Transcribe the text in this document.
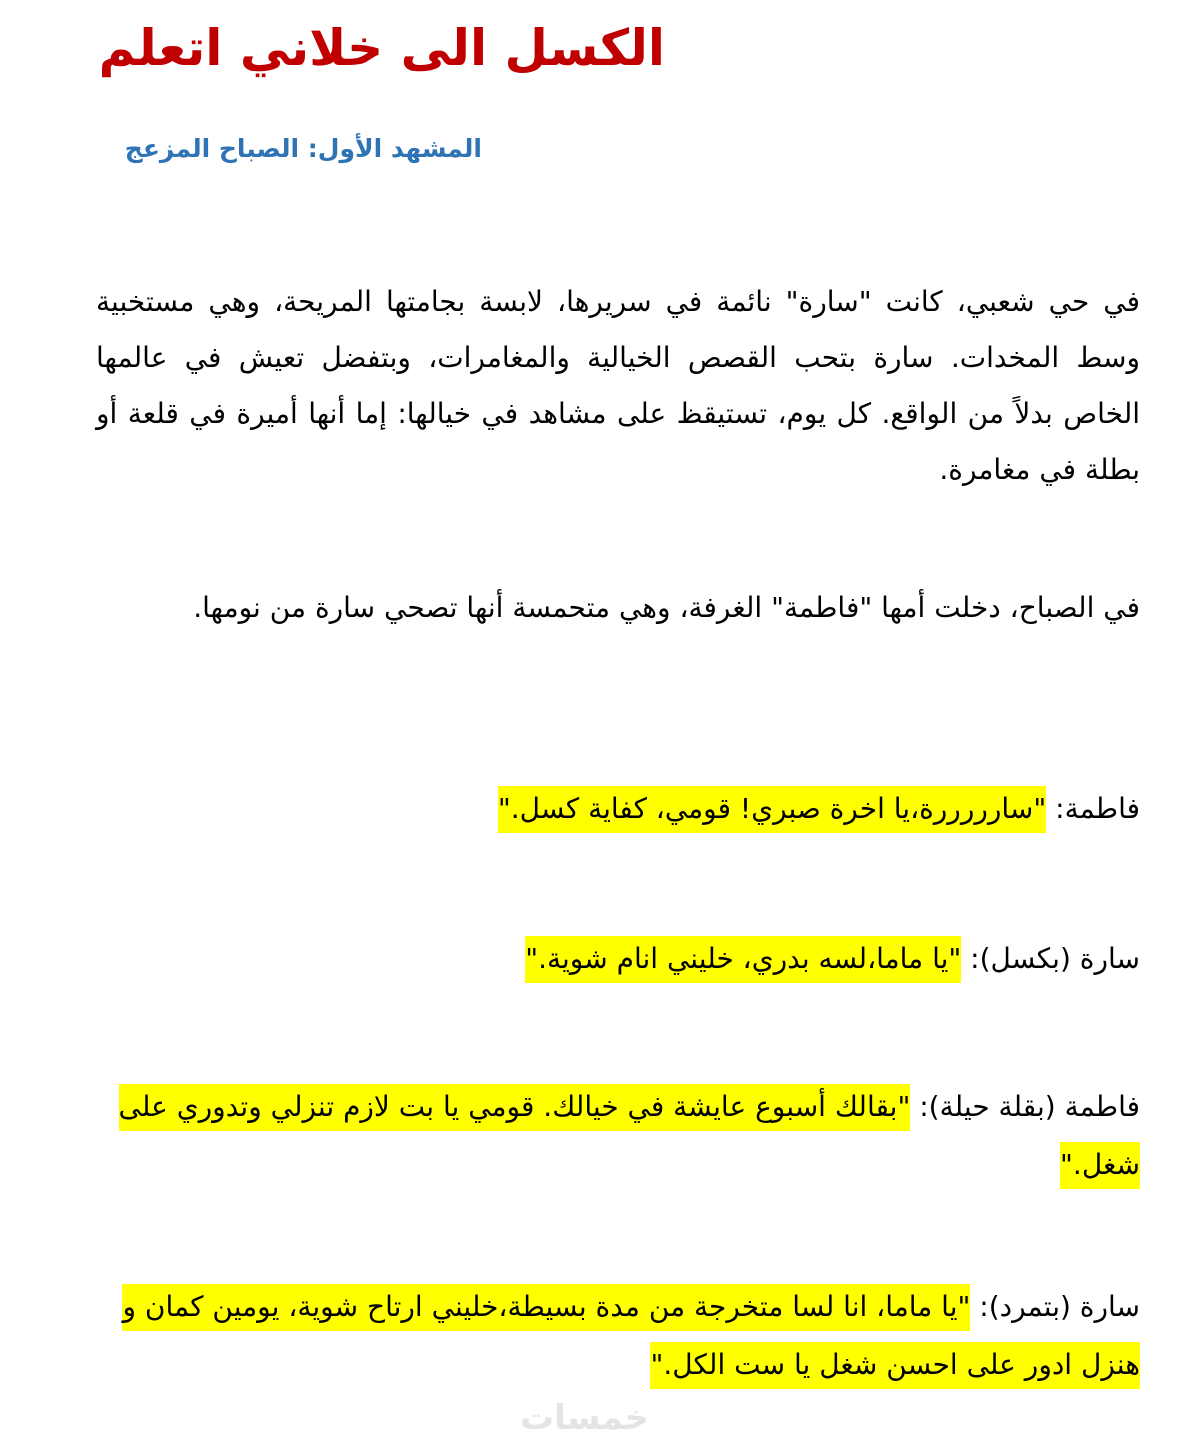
الكسل الى خلاني اتعلم
المشهد الأول: الصباح المزعج

في حي شعبي، كانت "سارة" نائمة في سريرها، لابسة بجامتها المريحة، وهي مستخبية وسط المخدات. سارة بتحب القصص الخيالية والمغامرات، وبتفضل تعيش في عالمها الخاص بدلاً من الواقع. كل يوم، تستيقظ على مشاهد في خيالها: إما أنها أميرة في قلعة أو بطلة في مغامرة.

في الصباح، دخلت أمها "فاطمة" الغرفة، وهي متحمسة أنها تصحي سارة من نومها.

فاطمة: "سارررررة،يا اخرة صبري! قومي، كفاية كسل."

سارة (بكسل): "يا ماما،لسه بدري، خليني انام شوية."

فاطمة (بقلة حيلة): "بقالك أسبوع عايشة في خيالك. قومي يا بت لازم تنزلي وتدوري على شغل."

سارة (بتمرد): "يا ماما، انا لسا متخرجة من مدة بسيطة،خليني ارتاح شوية، يومين كمان و هنزل ادور على احسن شغل يا ست الكل."

خمسات
